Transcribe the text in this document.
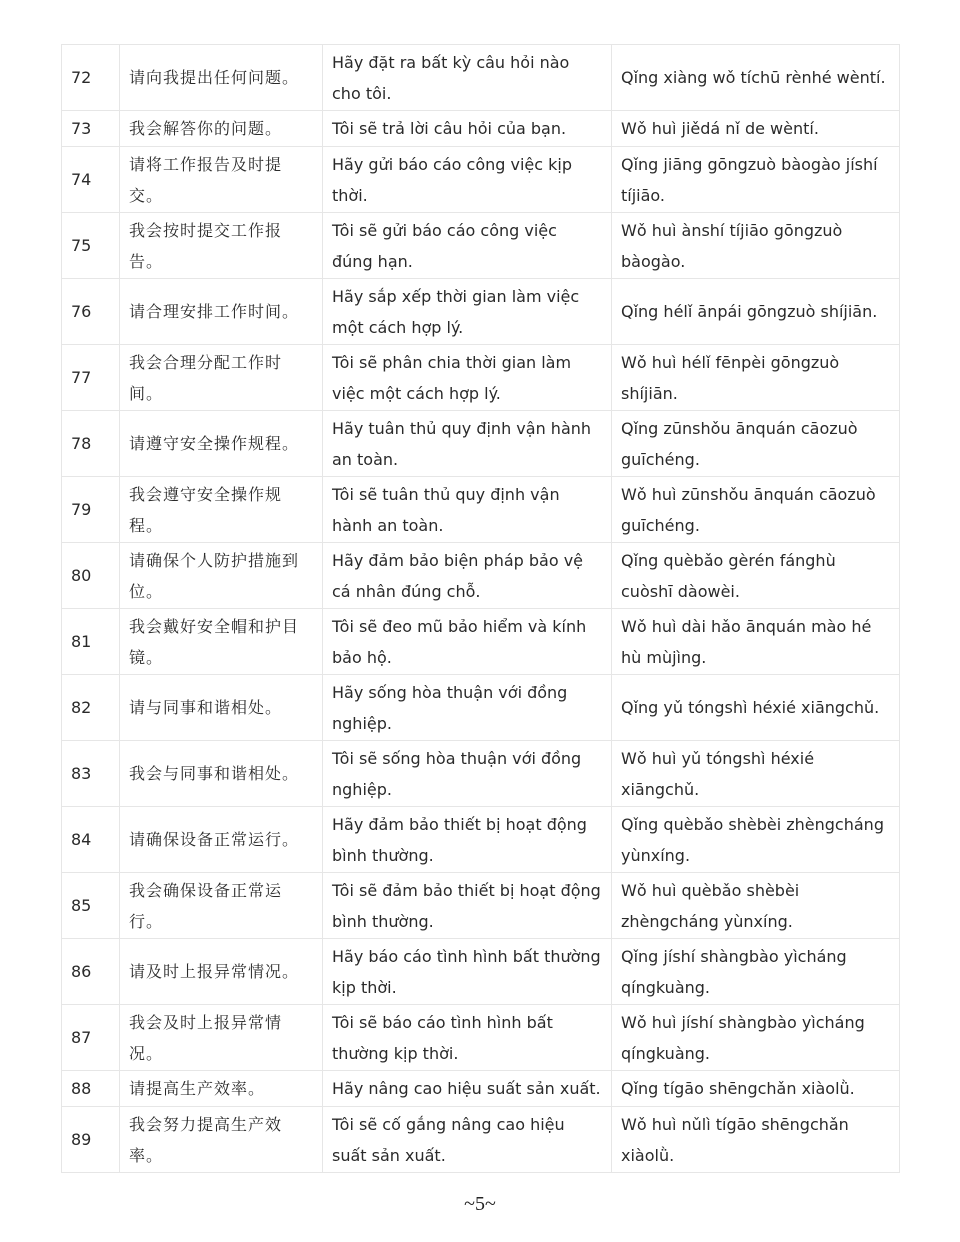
72	请向我提出任何问题。	Hãy đặt ra bất kỳ câu hỏi nào cho tôi.	Qǐng xiàng wǒ tíchū rènhé wèntí.
73	我会解答你的问题。	Tôi sẽ trả lời câu hỏi của bạn.	Wǒ huì jiědá nǐ de wèntí.
74	请将工作报告及时提交。	Hãy gửi báo cáo công việc kịp thời.	Qǐng jiāng gōngzuò bàogào jíshí tíjiāo.
75	我会按时提交工作报告。	Tôi sẽ gửi báo cáo công việc đúng hạn.	Wǒ huì ànshí tíjiāo gōngzuò bàogào.
76	请合理安排工作时间。	Hãy sắp xếp thời gian làm việc một cách hợp lý.	Qǐng hélǐ ānpái gōngzuò shíjiān.
77	我会合理分配工作时间。	Tôi sẽ phân chia thời gian làm việc một cách hợp lý.	Wǒ huì hélǐ fēnpèi gōngzuò shíjiān.
78	请遵守安全操作规程。	Hãy tuân thủ quy định vận hành an toàn.	Qǐng zūnshǒu ānquán cāozuò guīchéng.
79	我会遵守安全操作规程。	Tôi sẽ tuân thủ quy định vận hành an toàn.	Wǒ huì zūnshǒu ānquán cāozuò guīchéng.
80	请确保个人防护措施到位。	Hãy đảm bảo biện pháp bảo vệ cá nhân đúng chỗ.	Qǐng quèbǎo gèrén fánghù cuòshī dàowèi.
81	我会戴好安全帽和护目镜。	Tôi sẽ đeo mũ bảo hiểm và kính bảo hộ.	Wǒ huì dài hǎo ānquán mào hé hù mùjìng.
82	请与同事和谐相处。	Hãy sống hòa thuận với đồng nghiệp.	Qǐng yǔ tóngshì héxié xiāngchǔ.
83	我会与同事和谐相处。	Tôi sẽ sống hòa thuận với đồng nghiệp.	Wǒ huì yǔ tóngshì héxié xiāngchǔ.
84	请确保设备正常运行。	Hãy đảm bảo thiết bị hoạt động bình thường.	Qǐng quèbǎo shèbèi zhèngcháng yùnxíng.
85	我会确保设备正常运行。	Tôi sẽ đảm bảo thiết bị hoạt động bình thường.	Wǒ huì quèbǎo shèbèi zhèngcháng yùnxíng.
86	请及时上报异常情况。	Hãy báo cáo tình hình bất thường kịp thời.	Qǐng jíshí shàngbào yìcháng qíngkuàng.
87	我会及时上报异常情况。	Tôi sẽ báo cáo tình hình bất thường kịp thời.	Wǒ huì jíshí shàngbào yìcháng qíngkuàng.
88	请提高生产效率。	Hãy nâng cao hiệu suất sản xuất.	Qǐng tígāo shēngchǎn xiàolǜ.
89	我会努力提高生产效率。	Tôi sẽ cố gắng nâng cao hiệu suất sản xuất.	Wǒ huì nǔlì tígāo shēngchǎn xiàolǜ.
~5~
